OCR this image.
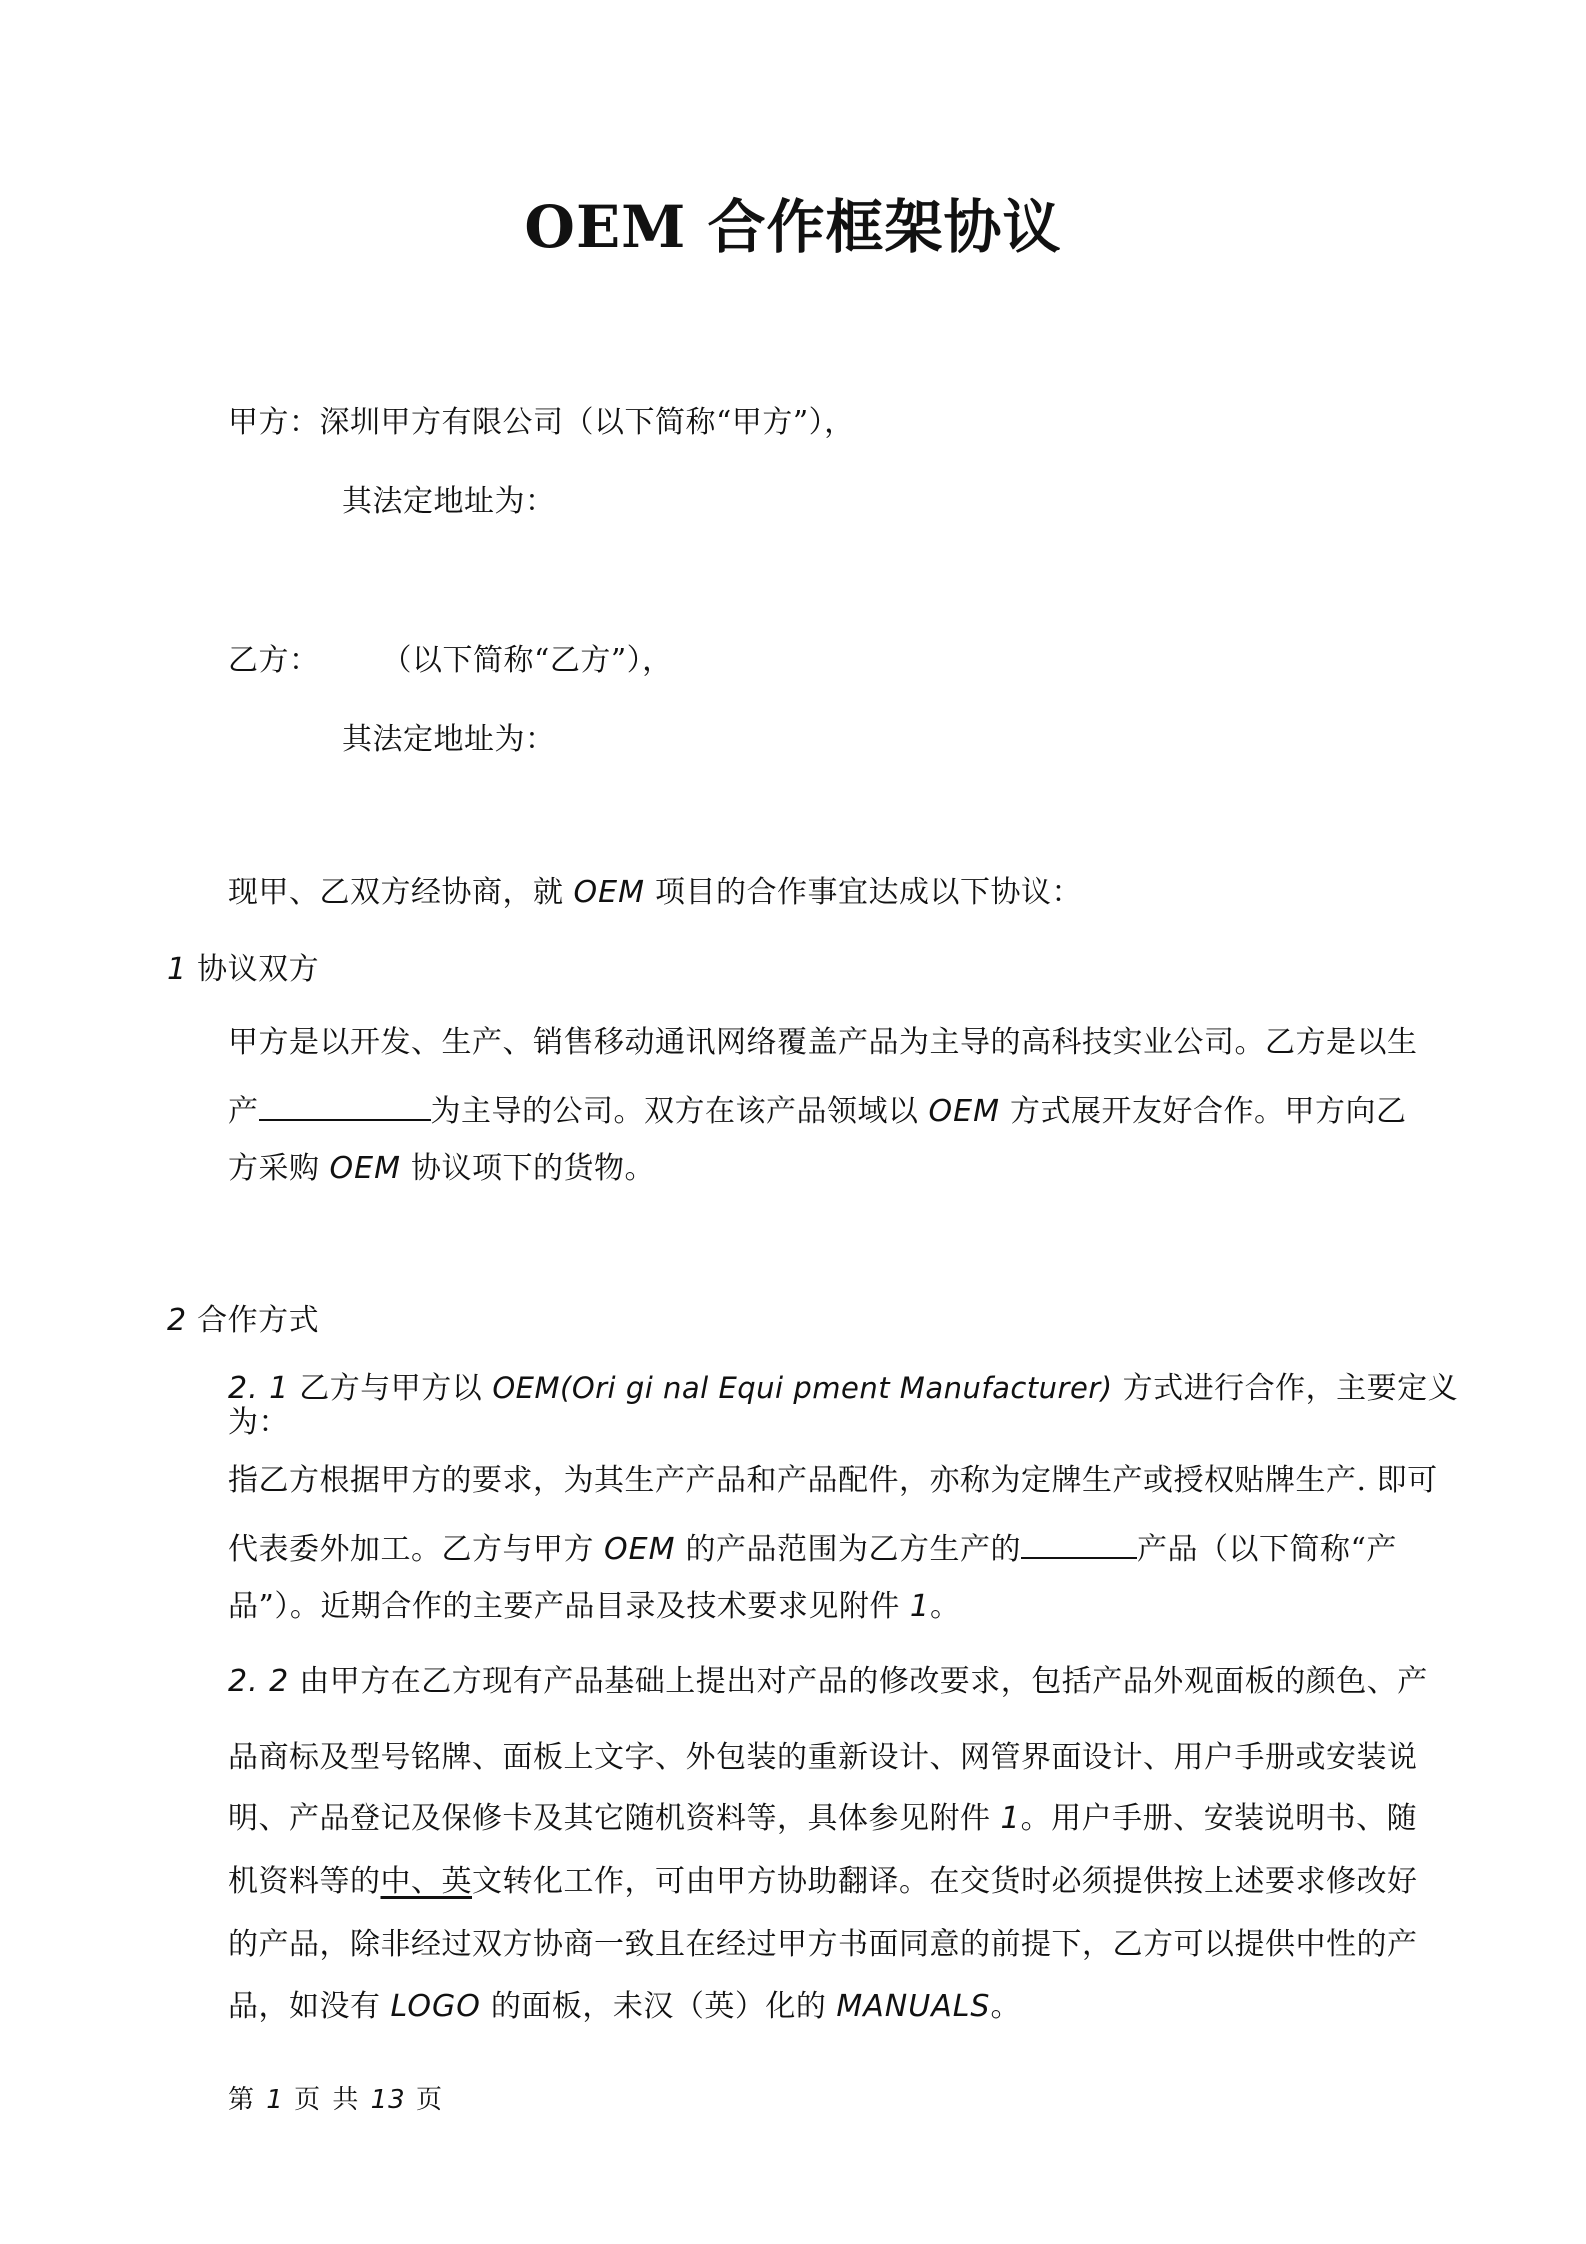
OEM 合作框架协议
甲方：深圳甲方有限公司（以下简称“甲方”），
其法定地址为：
乙方： （以下简称“乙方”），
其法定地址为：
现甲、乙双方经协商，就 OEM 项目的合作事宜达成以下协议：
1 协议双方
甲方是以开发、生产、销售移动通讯网络覆盖产品为主导的高科技实业公司。乙方是以生
产	为主导的公司。双方在该产品领域以 OEM 方式展开友好合作。甲方向乙
方采购 OEM 协议项下的货物。
2 合作方式
2. 1 乙方与甲方以 OEM(Ori gi nal Equi pment Manufacturer) 方式进行合作，主要定义
为：
指乙方根据甲方的要求，为其生产产品和产品配件，亦称为定牌生产或授权贴牌生产. 即可
代表委外加工。乙方与甲方 OEM 的产品范围为乙方生产的	产品（以下简称“产
品”）。近期合作的主要产品目录及技术要求见附件 1。
2. 2 由甲方在乙方现有产品基础上提出对产品的修改要求，包括产品外观面板的颜色、产
品商标及型号铭牌、面板上文字、外包装的重新设计、网管界面设计、用户手册或安装说
明、产品登记及保修卡及其它随机资料等，具体参见附件 1。用户手册、安装说明书、随
机资料等的中、英文转化工作，可由甲方协助翻译。在交货时必须提供按上述要求修改好
的产品，除非经过双方协商一致且在经过甲方书面同意的前提下，乙方可以提供中性的产
品，如没有 LOGO 的面板，未汉（英）化的 MANUALS。
第 1 页 共 13 页
